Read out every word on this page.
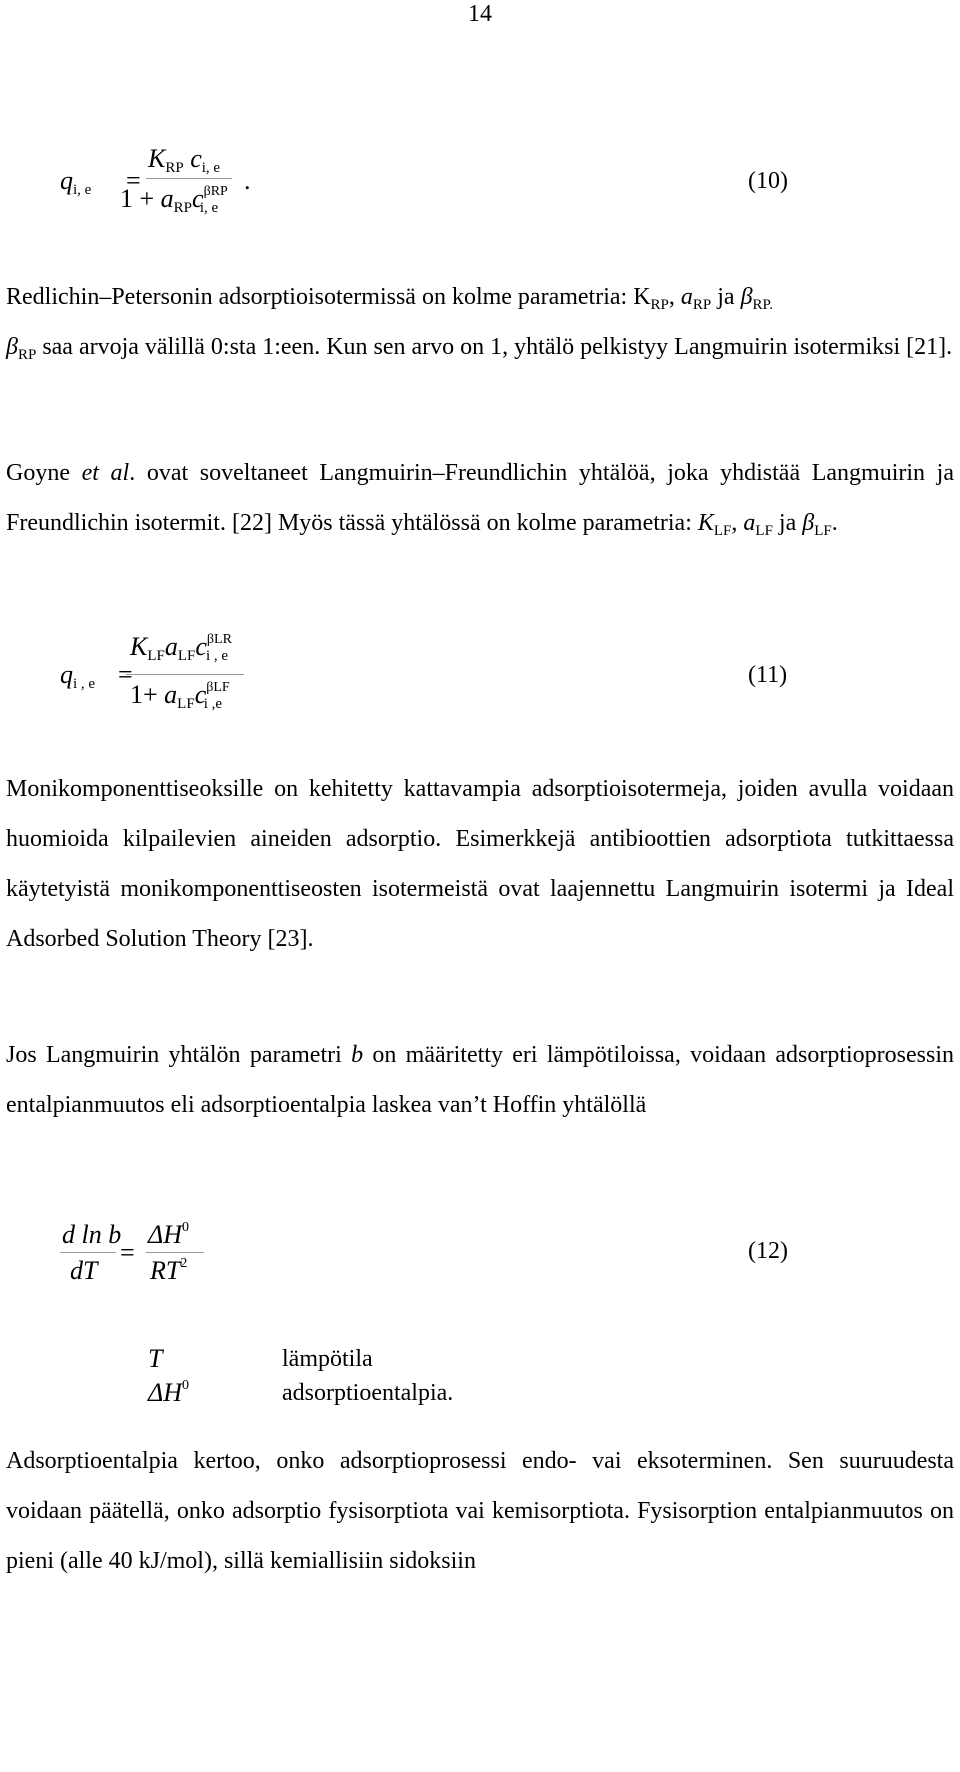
14
$q_{i, e}$ =
$K_{RP}$ $c_{i, e}$
$1 + a_{RP}c^{\beta RP}_{i, e}$
.	(10)
Redlichin–Petersonin adsorptioisotermissä on kolme parametria: $K_{RP}$, $a_{RP}$ ja $\beta_{RP.}$
$\beta_{RP}$ saa arvoja välillä 0:sta 1:een. Kun sen arvo on 1, yhtälö pelkistyy Langmuirin isotermiksi [21].
Goyne et al. ovat soveltaneet Langmuirin–Freundlichin yhtälöä, joka yhdistää Langmuirin ja Freundlichin isotermit. [22] Myös tässä yhtälössä on kolme parametria: $K_{LF}$, $a_{LF}$ ja $\beta_{LF}$.
$q_{i , e}$ =
$K_{LF}a_{LF}c^{\beta LR}_{i , e}$
$1+ a_{LF}c^{\beta LF}_{i ,e}$
(11)
Monikomponenttiseoksille on kehitetty kattavampia adsorptioisotermeja, joiden avulla voidaan huomioida kilpailevien aineiden adsorptio. Esimerkkejä antibioottien adsorptiota tutkittaessa käytetyistä monikomponenttiseosten isotermeistä ovat laajennettu Langmuirin isotermi ja Ideal Adsorbed Solution Theory [23].
Jos Langmuirin yhtälön parametri b on määritetty eri lämpötiloissa, voidaan adsorptioprosessin entalpianmuutos eli adsorptioentalpia laskea van’t Hoffin yhtälöllä
d ln b
dT
=
$\Delta H^0$
$RT^2$	(12)
T	lämpötila
$\Delta H^0$	adsorptioentalpia.
Adsorptioentalpia kertoo, onko adsorptioprosessi endo- vai eksoterminen. Sen suuruudesta voidaan päätellä, onko adsorptio fysisorptiota vai kemisorptiota. Fysisorption entalpianmuutos on pieni (alle 40 kJ/mol), sillä kemiallisiin sidoksiin
